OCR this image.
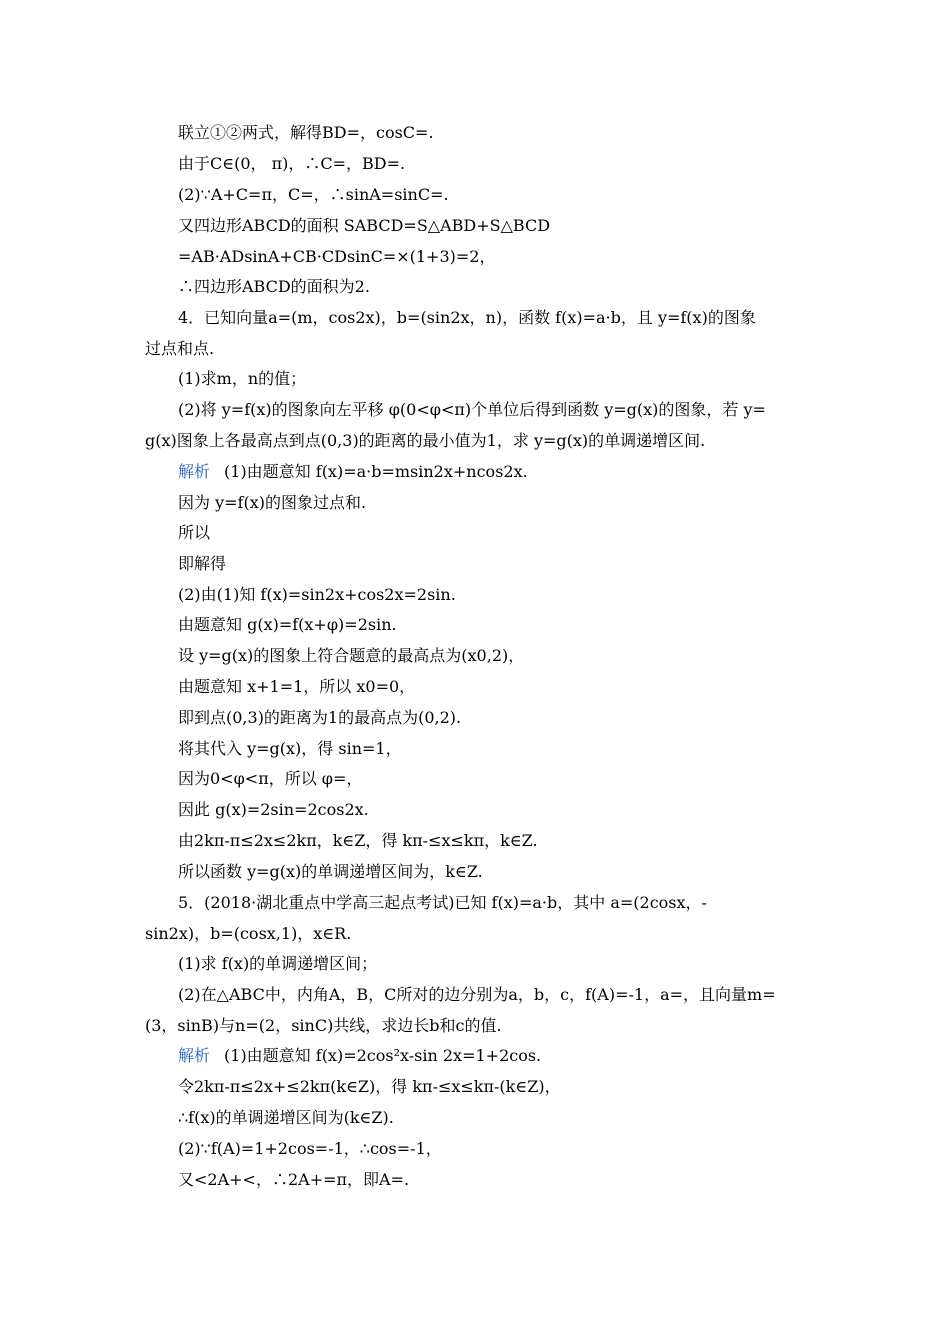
联立①②两式，解得BD=，cosC=.
由于C∈(0， π)，∴C=，BD=.
(2)∵A+C=π，C=，∴sinA=sinC=.
又四边形ABCD的面积 SABCD=S△ABD+S△BCD
=AB·ADsinA+CB·CDsinC=×(1+3)=2，
∴四边形ABCD的面积为2.
4．已知向量a=(m，cos2x)，b=(sin2x，n)，函数 f(x)=a·b，且 y=f(x)的图象
过点和点.
(1)求m，n的值；
(2)将 y=f(x)的图象向左平移 φ(0<φ<π)个单位后得到函数 y=g(x)的图象，若 y=
g(x)图象上各最高点到点(0,3)的距离的最小值为1，求 y=g(x)的单调递增区间.
解析 (1)由题意知 f(x)=a·b=msin2x+ncos2x.
因为 y=f(x)的图象过点和.
所以
即解得
(2)由(1)知 f(x)=sin2x+cos2x=2sin.
由题意知 g(x)=f(x+φ)=2sin.
设 y=g(x)的图象上符合题意的最高点为(x0,2)，
由题意知 x+1=1，所以 x0=0，
即到点(0,3)的距离为1的最高点为(0,2).
将其代入 y=g(x)，得 sin=1，
因为0<φ<π，所以 φ=，
因此 g(x)=2sin=2cos2x.
由2kπ-π≤2x≤2kπ，k∈Z，得 kπ-≤x≤kπ，k∈Z.
所以函数 y=g(x)的单调递增区间为，k∈Z.
5．(2018·湖北重点中学高三起点考试)已知 f(x)=a·b，其中 a=(2cosx，-
sin2x)，b=(cosx,1)，x∈R.
(1)求 f(x)的单调递增区间；
(2)在△ABC中，内角A，B，C所对的边分别为a，b，c，f(A)=-1，a=，且向量m=
(3，sinB)与n=(2，sinC)共线，求边长b和c的值.
解析 (1)由题意知 f(x)=2cos²x-sin 2x=1+2cos.
令2kπ-π≤2x+≤2kπ(k∈Z)，得 kπ-≤x≤kπ-(k∈Z)，
∴f(x)的单调递增区间为(k∈Z).
(2)∵f(A)=1+2cos=-1，∴cos=-1，
又<2A+<，∴2A+=π，即A=.
